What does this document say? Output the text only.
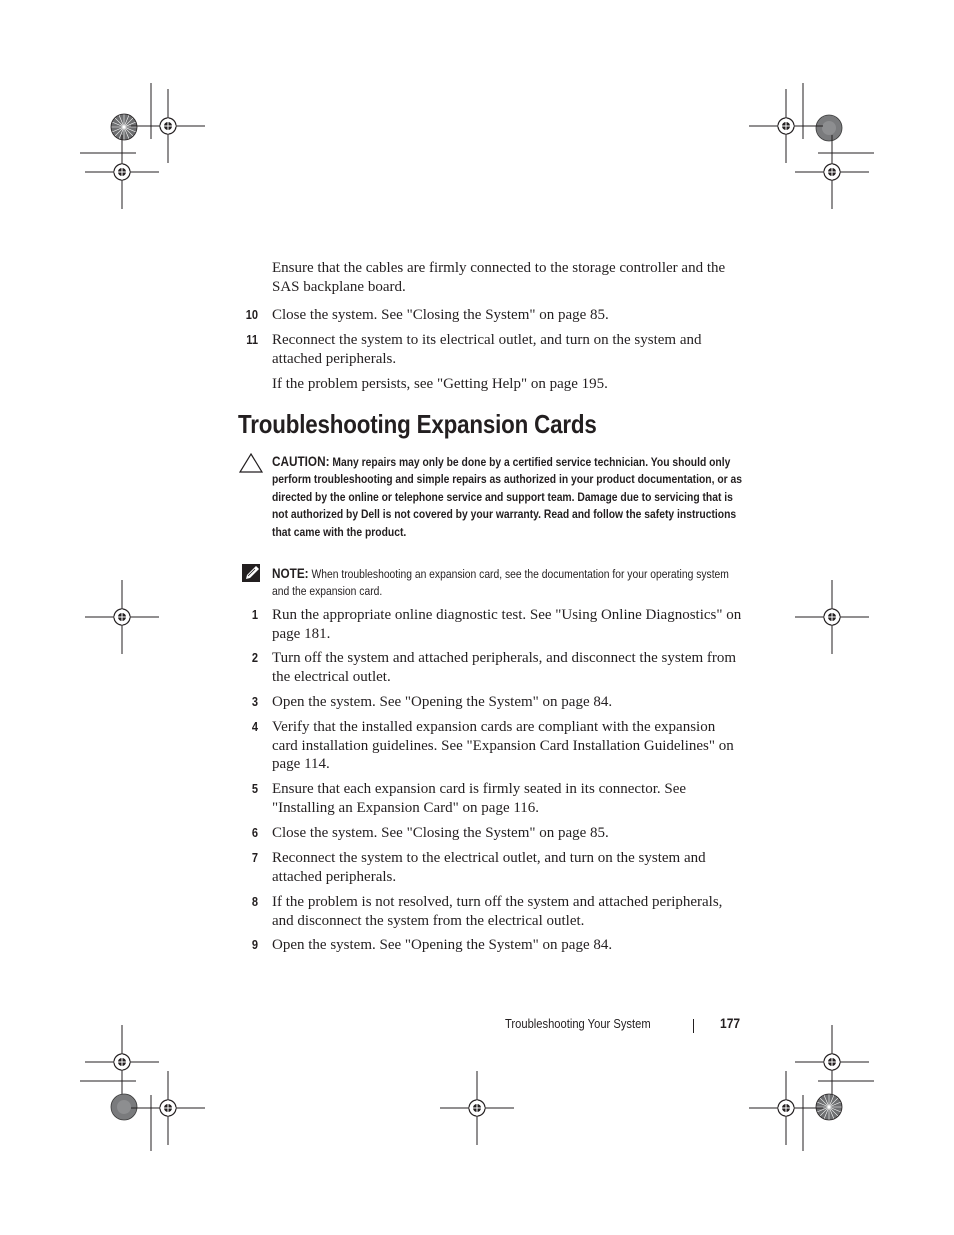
Ensure that the cables are firmly connected to the storage controller and the SAS backplane board.
10 Close the system. See "Closing the System" on page 85.
11 Reconnect the system to its electrical outlet, and turn on the system and attached peripherals.
If the problem persists, see "Getting Help" on page 195.
Troubleshooting Expansion Cards
CAUTION: Many repairs may only be done by a certified service technician. You should only perform troubleshooting and simple repairs as authorized in your product documentation, or as directed by the online or telephone service and support team. Damage due to servicing that is not authorized by Dell is not covered by your warranty. Read and follow the safety instructions that came with the product.
NOTE: When troubleshooting an expansion card, see the documentation for your operating system and the expansion card.
1 Run the appropriate online diagnostic test. See "Using Online Diagnostics" on page 181.
2 Turn off the system and attached peripherals, and disconnect the system from the electrical outlet.
3 Open the system. See "Opening the System" on page 84.
4 Verify that the installed expansion cards are compliant with the expansion card installation guidelines. See "Expansion Card Installation Guidelines" on page 114.
5 Ensure that each expansion card is firmly seated in its connector. See "Installing an Expansion Card" on page 116.
6 Close the system. See "Closing the System" on page 85.
7 Reconnect the system to the electrical outlet, and turn on the system and attached peripherals.
8 If the problem is not resolved, turn off the system and attached peripherals, and disconnect the system from the electrical outlet.
9 Open the system. See "Opening the System" on page 84.
Troubleshooting Your System	177
